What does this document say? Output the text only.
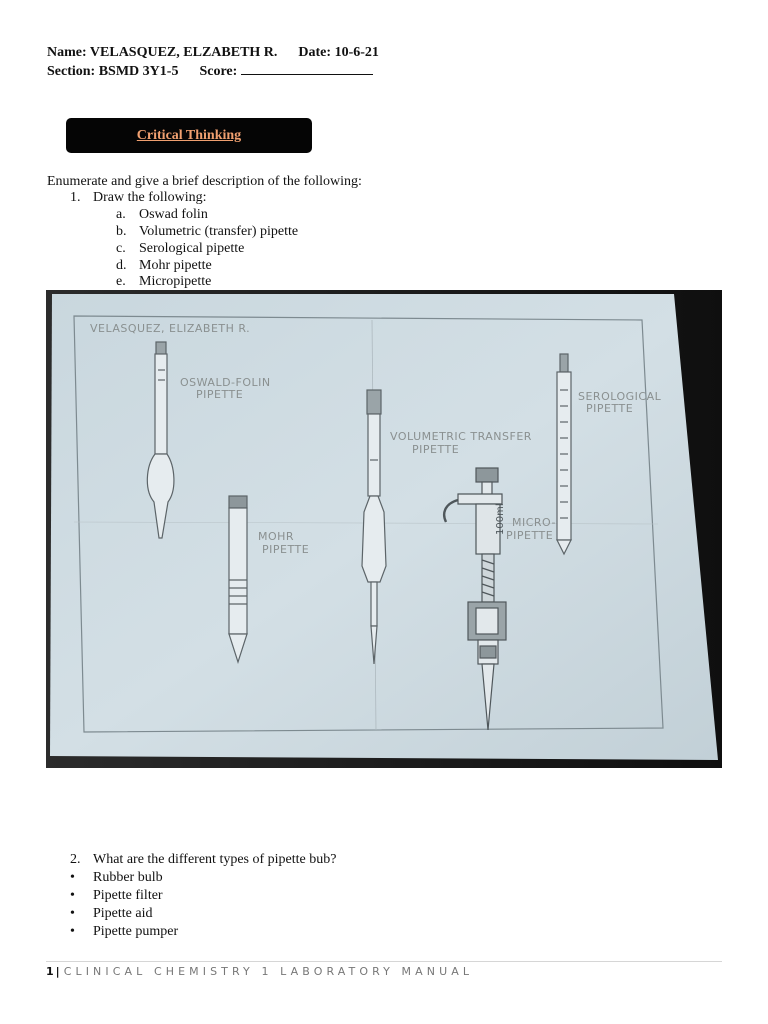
Name: VELASQUEZ, ELZABETH R. Date: 10-6-21
Section: BSMD 3Y1-5 Score:
Critical Thinking
Enumerate and give a brief description of the following:
1. Draw the following:
a. Oswad folin
b. Volumetric (transfer) pipette
c. Serological pipette
d. Mohr pipette
e. Micropipette
VELASQUEZ, ELIZABETH R.
OSWALD-FOLIN
PIPETTE
MOHR
PIPETTE
VOLUMETRIC TRANSFER
PIPETTE
100ml MICRO-
PIPETTE
SEROLOGICAL
PIPETTE
2. What are the different types of pipette bub?
• Rubber bulb
• Pipette filter
• Pipette aid
• Pipette pumper
1 | CLINICAL CHEMISTRY 1 LABORATORY MANUAL
